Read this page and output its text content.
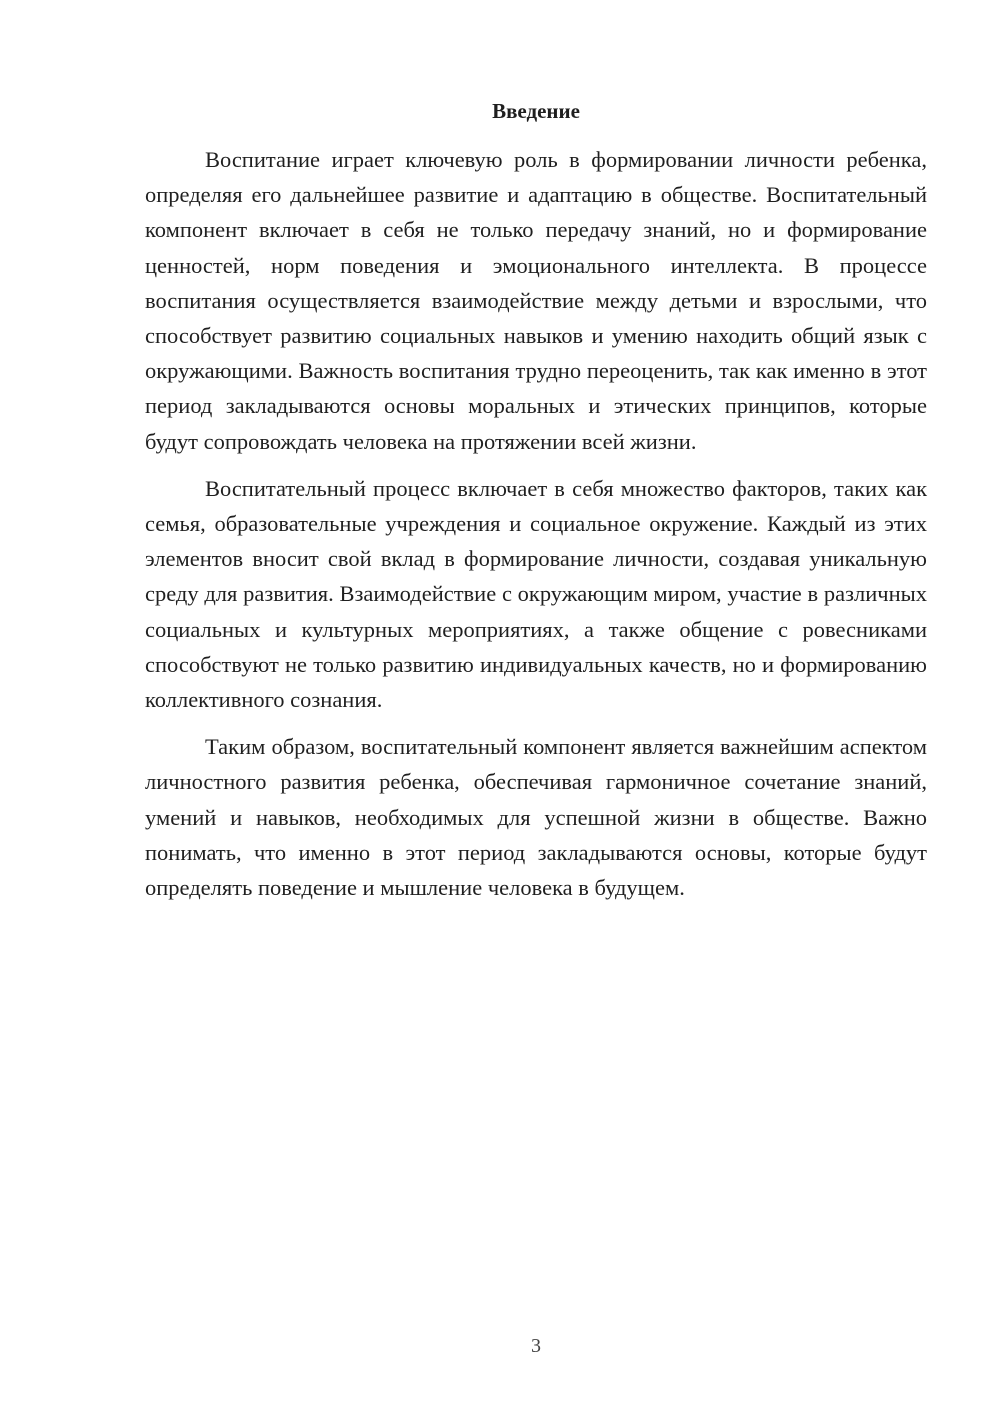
Введение

Воспитание играет ключевую роль в формировании личности ребенка, определяя его дальнейшее развитие и адаптацию в обществе. Воспитательный компонент включает в себя не только передачу знаний, но и формирование ценностей, норм поведения и эмоционального интеллекта. В процессе воспитания осуществляется взаимодействие между детьми и взрослыми, что способствует развитию социальных навыков и умению находить общий язык с окружающими. Важность воспитания трудно переоценить, так как именно в этот период закладываются основы моральных и этических принципов, которые будут сопровождать человека на протяжении всей жизни.

Воспитательный процесс включает в себя множество факторов, таких как семья, образовательные учреждения и социальное окружение. Каждый из этих элементов вносит свой вклад в формирование личности, создавая уникальную среду для развития. Взаимодействие с окружающим миром, участие в различных социальных и культурных мероприятиях, а также общение с ровесниками способствуют не только развитию индивидуальных качеств, но и формированию коллективного сознания.

Таким образом, воспитательный компонент является важнейшим аспектом личностного развития ребенка, обеспечивая гармоничное сочетание знаний, умений и навыков, необходимых для успешной жизни в обществе. Важно понимать, что именно в этот период закладываются основы, которые будут определять поведение и мышление человека в будущем.

3
